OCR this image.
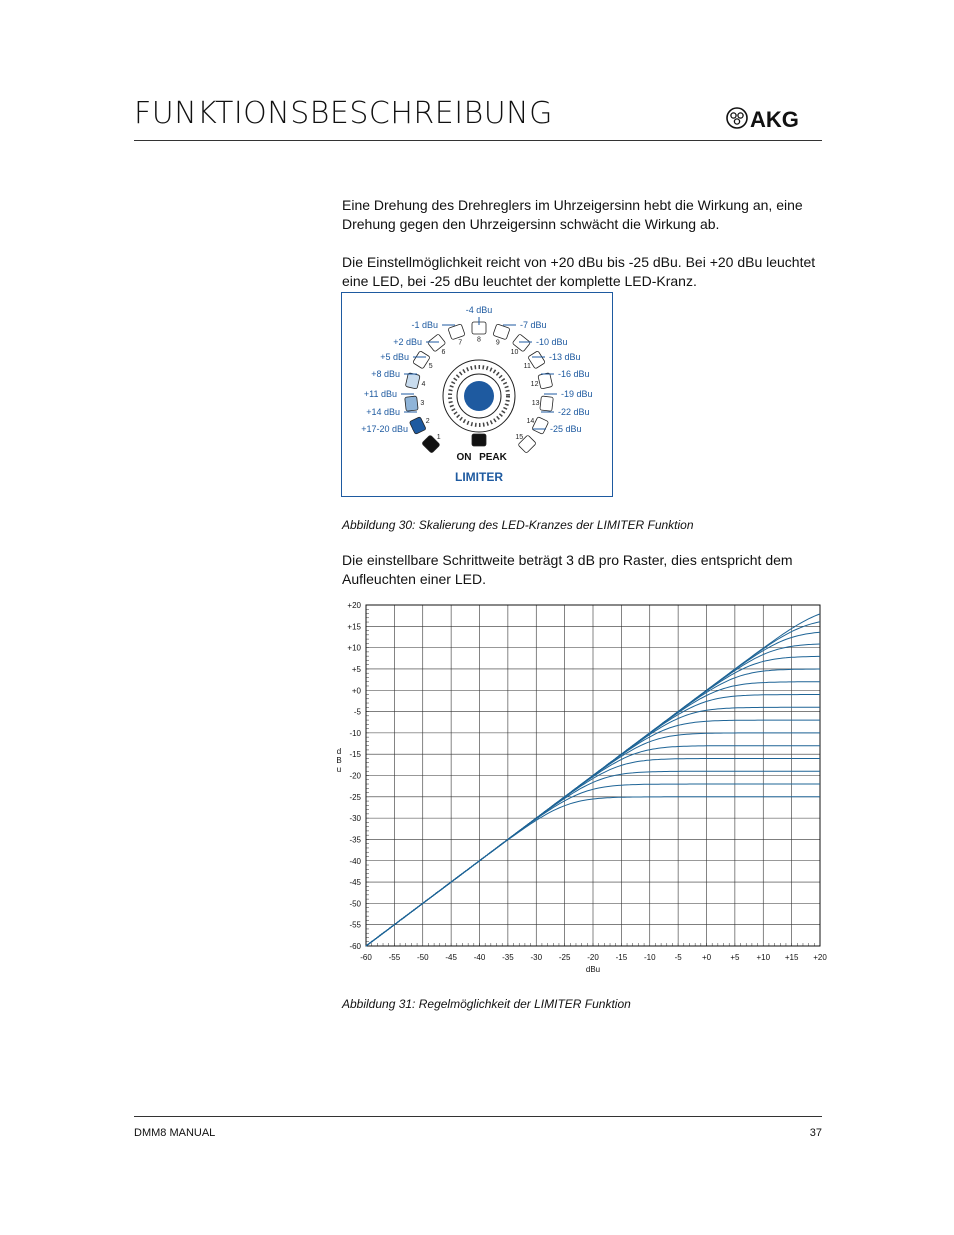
FUNKTIONSBESCHREIBUNG	AKG
Eine Drehung des Drehreglers im Uhrzeigersinn hebt die Wirkung an, eine Drehung gegen den Uhrzeigersinn schwächt die Wirkung ab.
Die Einstellmöglichkeit reicht von +20 dBu bis -25 dBu. Bei +20 dBu leuchtet eine LED, bei -25 dBu leuchtet der komplette LED-Kranz.
1
2
3
4
5
6
7 8 9
10
11
12
13
14
15
-4 dBu
-1 dBu
+2 dBu
+5 dBu
+8 dBu
+11 dBu
+14 dBu
+17-20 dBu
-7 dBu
-10 dBu
-13 dBu
-16 dBu
-19 dBu
-22 dBu
-25 dBu
ON PEAK
LIMITER
Abbildung 30: Skalierung des LED-Kranzes der LIMITER Funktion
Die einstellbare Schrittweite beträgt 3 dB pro Raster, dies entspricht dem Aufleuchten einer LED.
-60 -55 -50 -45 -40 -35 -30 -25 -20 -15 -10 -5	+0 +5 +10 +15 +20
+20
+15
+10
+5
+0
-5
-10
-15
-20
-25
-30
-35
-40
-45
-50
-55
-60
dBu
d
B
u
Abbildung 31: Regelmöglichkeit der LIMITER Funktion
DMM8 MANUAL	37
